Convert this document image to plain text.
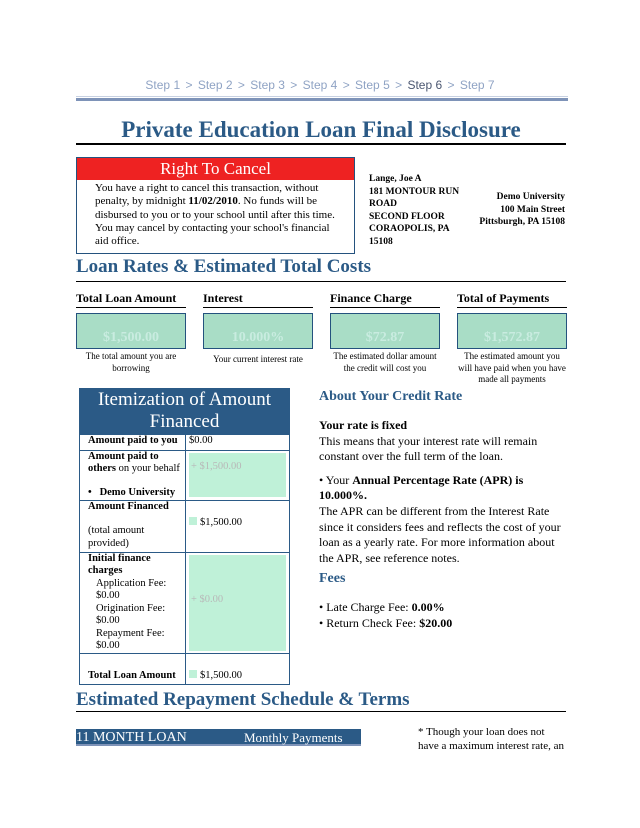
Step 1 > Step 2 > Step 3 > Step 4 > Step 5 > Step 6 > Step 7
Private Education Loan Final Disclosure
Right To Cancel
You have a right to cancel this transaction, without penalty, by midnight 11/02/2010. No funds will be disbursed to you or to your school until after this time. You may cancel by contacting your school's financial aid office.
Lange, Joe A
181 MONTOUR RUN ROAD
SECOND FLOOR
CORAOPOLIS, PA 15108
Demo University
100 Main Street
Pittsburgh, PA 15108
Loan Rates & Estimated Total Costs
Total Loan Amount
$1,500.00
The total amount you are borrowing
Interest
10.000%
Your current interest rate
Finance Charge
$72.87
The estimated dollar amount the credit will cost you
Total of Payments
$1,572.87
The estimated amount you will have paid when you have made all payments
Itemization of Amount Financed
Amount paid to you	$0.00
Amount paid to others on your behalf
•   Demo University	+ $1,500.00

Amount Financed
(total amount provided)	$1,500.00
Initial finance charges
Application Fee: $0.00
Origination Fee: $0.00
Repayment Fee: $0.00	+ $0.00

Total Loan Amount	$1,500.00
About Your Credit Rate
Your rate is fixed
This means that your interest rate will remain constant over the full term of the loan.
• Your Annual Percentage Rate (APR) is 10.000%.
The APR can be different from the Interest Rate since it considers fees and reflects the cost of your loan as a yearly rate. For more information about the APR, see reference notes.
Fees
• Late Charge Fee: 0.00%
• Return Check Fee: $20.00
Estimated Repayment Schedule & Terms
11 MONTH LOAN	Monthly Payments	* Though your loan does not have a maximum interest rate, an
